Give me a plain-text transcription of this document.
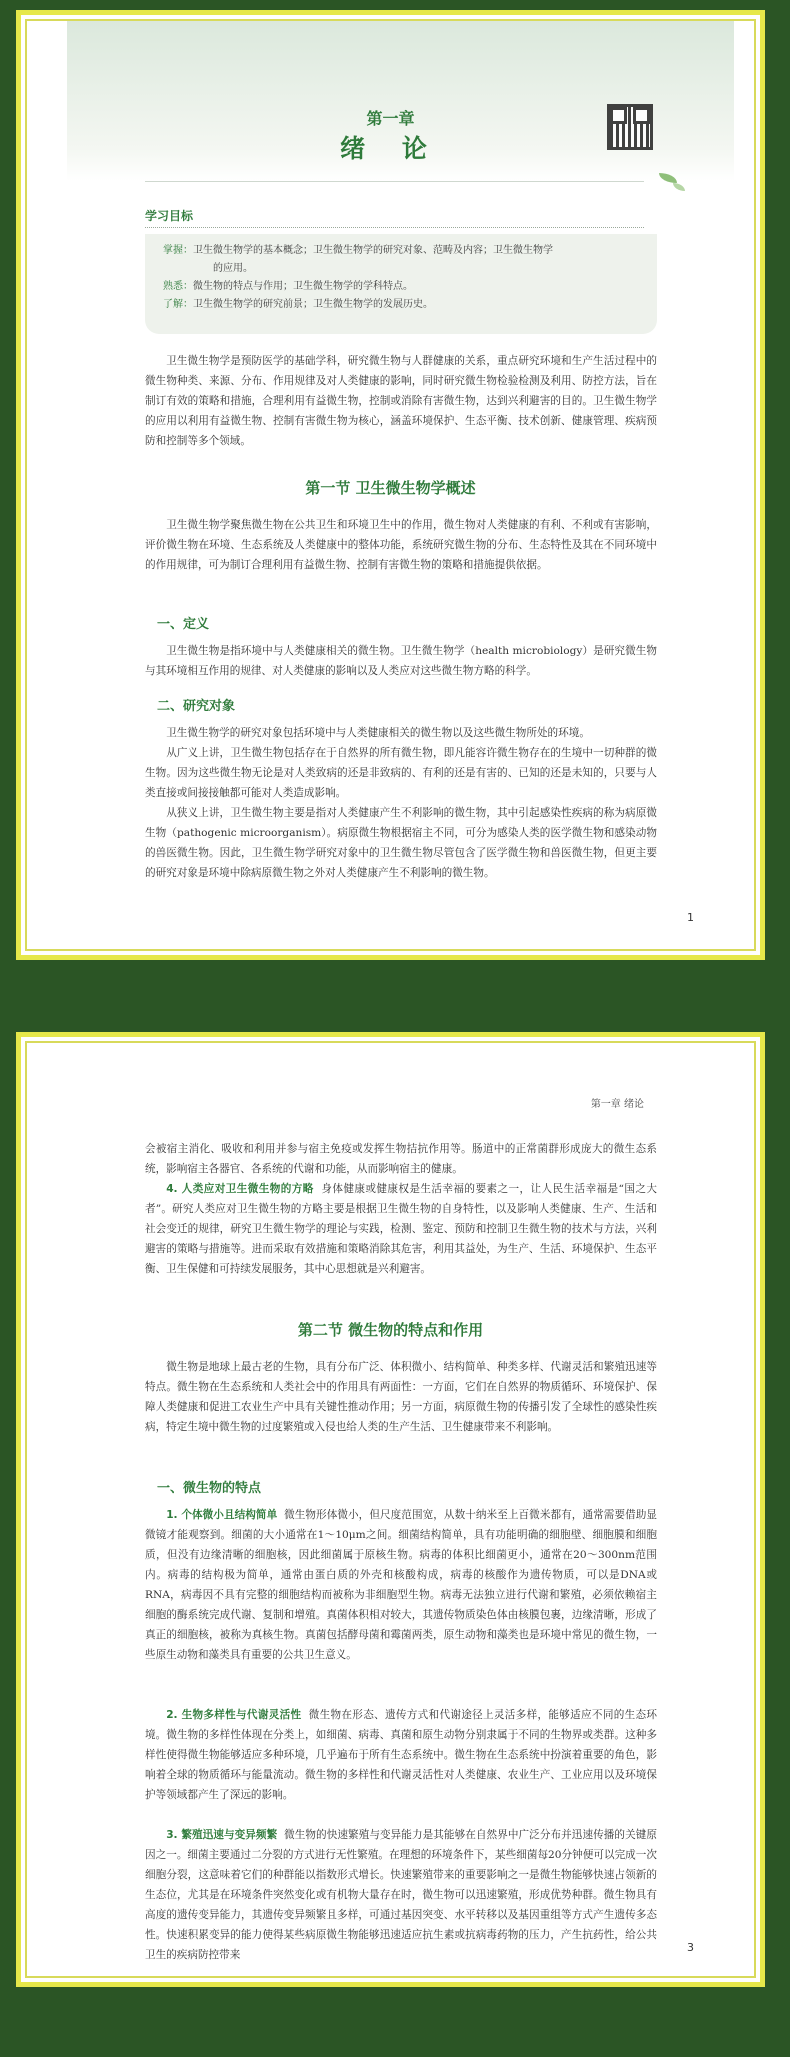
第一章
绪 论
学习目标
掌握：卫生微生物学的基本概念；卫生微生物学的研究对象、范畴及内容；卫生微生物学
的应用。
熟悉：微生物的特点与作用；卫生微生物学的学科特点。
了解：卫生微生物学的研究前景；卫生微生物学的发展历史。
卫生微生物学是预防医学的基础学科，研究微生物与人群健康的关系，重点研究环境和生产生活过程中的微生物种类、来源、分布、作用规律及对人类健康的影响，同时研究微生物检验检测及利用、防控方法，旨在制订有效的策略和措施，合理利用有益微生物，控制或消除有害微生物，达到兴利避害的目的。卫生微生物学的应用以利用有益微生物、控制有害微生物为核心，涵盖环境保护、生态平衡、技术创新、健康管理、疾病预防和控制等多个领域。
第一节 卫生微生物学概述
卫生微生物学聚焦微生物在公共卫生和环境卫生中的作用，微生物对人类健康的有利、不利或有害影响，评价微生物在环境、生态系统及人类健康中的整体功能，系统研究微生物的分布、生态特性及其在不同环境中的作用规律，可为制订合理利用有益微生物、控制有害微生物的策略和措施提供依据。
一、定义
卫生微生物是指环境中与人类健康相关的微生物。卫生微生物学（health microbiology）是研究微生物与其环境相互作用的规律、对人类健康的影响以及人类应对这些微生物方略的科学。
二、研究对象
卫生微生物学的研究对象包括环境中与人类健康相关的微生物以及这些微生物所处的环境。
从广义上讲，卫生微生物包括存在于自然界的所有微生物，即凡能容许微生物存在的生境中一切种群的微生物。因为这些微生物无论是对人类致病的还是非致病的、有利的还是有害的、已知的还是未知的，只要与人类直接或间接接触都可能对人类造成影响。
从狭义上讲，卫生微生物主要是指对人类健康产生不利影响的微生物，其中引起感染性疾病的称为病原微生物（pathogenic microorganism）。病原微生物根据宿主不同，可分为感染人类的医学微生物和感染动物的兽医微生物。因此，卫生微生物学研究对象中的卫生微生物尽管包含了医学微生物和兽医微生物，但更主要的研究对象是环境中除病原微生物之外对人类健康产生不利影响的微生物。
1
第一章 绪论
会被宿主消化、吸收和利用并参与宿主免疫或发挥生物拮抗作用等。肠道中的正常菌群形成庞大的微生态系统，影响宿主各器官、各系统的代谢和功能，从而影响宿主的健康。
4. 人类应对卫生微生物的方略 身体健康或健康权是生活幸福的要素之一，让人民生活幸福是“国之大者”。研究人类应对卫生微生物的方略主要是根据卫生微生物的自身特性，以及影响人类健康、生产、生活和社会变迁的规律，研究卫生微生物学的理论与实践，检测、鉴定、预防和控制卫生微生物的技术与方法，兴利避害的策略与措施等。进而采取有效措施和策略消除其危害，利用其益处，为生产、生活、环境保护、生态平衡、卫生保健和可持续发展服务，其中心思想就是兴利避害。
第二节 微生物的特点和作用
微生物是地球上最古老的生物，具有分布广泛、体积微小、结构简单、种类多样、代谢灵活和繁殖迅速等特点。微生物在生态系统和人类社会中的作用具有两面性：一方面，它们在自然界的物质循环、环境保护、保障人类健康和促进工农业生产中具有关键性推动作用；另一方面，病原微生物的传播引发了全球性的感染性疾病，特定生境中微生物的过度繁殖或入侵也给人类的生产生活、卫生健康带来不利影响。
一、微生物的特点
1. 个体微小且结构简单 微生物形体微小，但尺度范围宽，从数十纳米至上百微米都有，通常需要借助显微镜才能观察到。细菌的大小通常在1～10μm之间。细菌结构简单，具有功能明确的细胞壁、细胞膜和细胞质，但没有边缘清晰的细胞核，因此细菌属于原核生物。病毒的体积比细菌更小，通常在20～300nm范围内。病毒的结构极为简单，通常由蛋白质的外壳和核酸构成，病毒的核酸作为遗传物质，可以是DNA或RNA，病毒因不具有完整的细胞结构而被称为非细胞型生物。病毒无法独立进行代谢和繁殖，必须依赖宿主细胞的酶系统完成代谢、复制和增殖。真菌体积相对较大，其遗传物质染色体由核膜包裹，边缘清晰，形成了真正的细胞核，被称为真核生物。真菌包括酵母菌和霉菌两类，原生动物和藻类也是环境中常见的微生物，一些原生动物和藻类具有重要的公共卫生意义。
2. 生物多样性与代谢灵活性 微生物在形态、遗传方式和代谢途径上灵活多样，能够适应不同的生态环境。微生物的多样性体现在分类上，如细菌、病毒、真菌和原生动物分别隶属于不同的生物界或类群。这种多样性使得微生物能够适应多种环境，几乎遍布于所有生态系统中。微生物在生态系统中扮演着重要的角色，影响着全球的物质循环与能量流动。微生物的多样性和代谢灵活性对人类健康、农业生产、工业应用以及环境保护等领域都产生了深远的影响。
3. 繁殖迅速与变异频繁 微生物的快速繁殖与变异能力是其能够在自然界中广泛分布并迅速传播的关键原因之一。细菌主要通过二分裂的方式进行无性繁殖。在理想的环境条件下，某些细菌每20分钟便可以完成一次细胞分裂，这意味着它们的种群能以指数形式增长。快速繁殖带来的重要影响之一是微生物能够快速占领新的生态位，尤其是在环境条件突然变化或有机物大量存在时，微生物可以迅速繁殖，形成优势种群。微生物具有高度的遗传变异能力，其遗传变异频繁且多样，可通过基因突变、水平转移以及基因重组等方式产生遗传多态性。快速积累变异的能力使得某些病原微生物能够迅速适应抗生素或抗病毒药物的压力，产生抗药性，给公共卫生的疾病防控带来
3
